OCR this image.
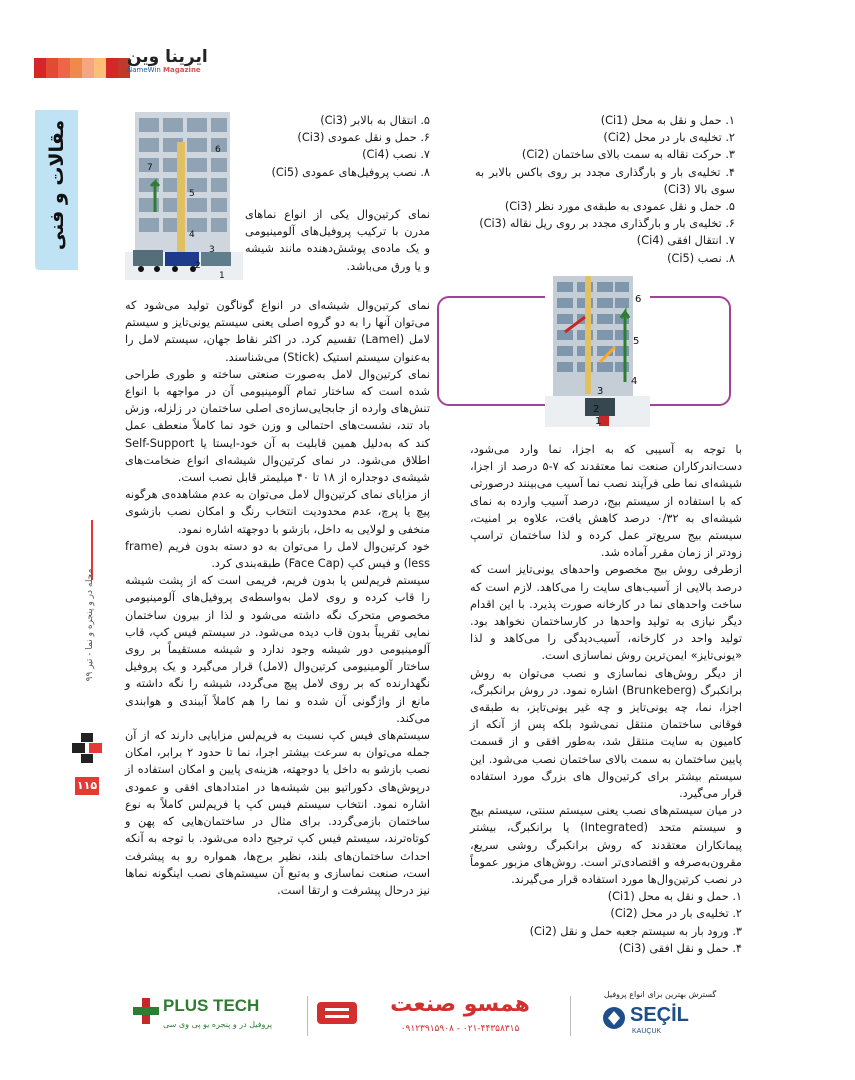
ایرینا وین
NameWin Magazine
مقالات و فنی
مجله در و پنجره و نما - تیر ۹۹
۱۱۵
7
6
5
4
3
2
1

۵. انتقال به بالابر (Ci3)

۶. حمل و نقل عمودی (Ci3)

۷. نصب (Ci4)

۸. نصب پروفیل‌های عمودی (Ci5)

نمای کرتین‌وال یکی از انواع نماهای مدرن با ترکیب پروفیل‌های آلومینیومی و یک ماده‌ی پوشش‌دهنده مانند شیشه و یا ورق می‌باشد.

نمای کرتین‌وال شیشه‌ای در انواع گوناگون تولید می‌شود که می‌توان آنها را به دو گروه اصلی یعنی سیستم یونی‌تایز و سیستم لامل (Lamel) تقسیم کرد. در اکثر نقاط جهان، سیستم لامل را به‌عنوان سیستم استیک (Stick) می‌شناسند.

نمای کرتین‌وال لامل به‌صورت صنعتی ساخته و طوری طراحی شده است که ساختار تمام آلومینیومی آن در مواجهه با انواع تنش‌های وارده از جابجایی‌سازه‌ی اصلی ساختمان در زلزله، وزش باد تند، نشست‌های احتمالی و وزن خود نما کاملاً منعطف عمل کند که به‌دلیل همین قابلیت به آن خود-ایستا یا Self-Support اطلاق می‌شود. در نمای کرتین‌وال شیشه‌ای انواع ضخامت‌های شیشه‌ی دوجداره از ۱۸ تا ۴۰ میلیمتر قابل نصب است.

از مزایای نمای کرتین‌وال لامل می‌توان به عدم مشاهده‌ی هرگونه پیچ یا پرچ، عدم محدودیت انتخاب رنگ و امکان نصب بازشوی منخفی و لولایی به داخل، بازشو با دوجهته اشاره نمود.

خود کرتین‌وال لامل را می‌توان به دو دسته بدون فریم (frame less) و فیس کپ (Face Cap) طبقه‌بندی کرد.

سیستم فریم‌لس یا بدون فریم، فریمی است که از پشت شیشه را قاب کرده و روی لامل به‌واسطه‌ی پروفیل‌های آلومینیومی مخصوص متحرک نگه داشته می‌شود و لذا از بیرون ساختمان نمایی تقریباً بدون قاب دیده می‌شود. در سیستم فیس کپ، قاب آلومینیومی دور شیشه وجود ندارد و شیشه مستقیماً بر روی ساختار آلومینیومی کرتین‌وال (لامل) قرار می‌گیرد و یک پروفیل نگهدارنده که بر روی لامل پیچ می‌گردد، شیشه را نگه داشته و مانع از واژگونی آن شده و نما را هم کاملاً آببندی و هوابندی می‌کند.

سیستم‌های فیس کپ نسبت به فریم‌لس مزایایی دارند که از آن جمله می‌توان به سرعت بیشتر اجرا، نما تا حدود ۲ برابر، امکان نصب بازشو به داخل یا دوجهته، هزینه‌ی پایین و امکان استفاده از درپوش‌های دکوراتیو بین شیشه‌ها در امتدادهای افقی و عمودی اشاره نمود. انتخاب سیستم فیس کپ یا فریم‌لس کاملاً به نوع ساختمان بازمی‌گردد. برای مثال در ساختمان‌هایی که پهن و کوتاه‌ترند، سیستم فیس کپ ترجیح داده می‌شود. با توجه به آنکه احداث ساختمان‌های بلند، نظیر برج‌ها، همواره رو به پیشرفت است، صنعت نماسازی و به‌تبع آن سیستم‌های نصب اینگونه نماها نیز درحال پیشرفت و ارتقا است.

۱. حمل و نقل به محل (Ci1)

۲. تخلیه‌ی بار در محل (Ci2)

۳. حرکت نقاله به سمت بالای ساختمان (Ci2)

۴. تخلیه‌ی بار و بارگذاری مجدد بر روی باکس بالابر به سوی بالا (Ci3)

۵. حمل و نقل عمودی به طبقه‌ی مورد نظر (Ci3)

۶. تخلیه‌ی بار و بارگذاری مجدد بر روی ریل نقاله (Ci3)

۷. انتقال افقی (Ci4)

۸. نصب (Ci5)

6
5
4
3
2
1

با توجه به آسیبی که به اجزا، نما وارد می‌شود، دست‌اندرکاران صنعت نما معتقدند که ۷-۵ درصد از اجزا، شیشه‌ای نما طی فرآیند نصب نما آسیب می‌بینند درصورتی که با استفاده از سیستم بیج، درصد آسیب وارده به نمای شیشه‌ای به ۰/۳۲ درصد کاهش یافت، علاوه بر امنیت، سیستم بیج سریع‌تر عمل کرده و لذا ساختمان تراسپ زودتر از زمان مقرر آماده شد.

ازطرفی روش بیج مخصوص واحدهای یونی‌تایز است که درصد بالایی از آسیب‌های سایت را می‌کاهد. لازم است که ساخت واحدهای نما در کارخانه صورت پذیرد. با این اقدام دیگر نیازی به تولید واحدها در کارساختمان نخواهد بود. تولید واحد در کارخانه، آسیب‌دیدگی را می‌کاهد و لذا «یونی‌تایز» ایمن‌ترین روش نماسازی است.

از دیگر روش‌های نماسازی و نصب می‌توان به روش برانکبرگ (Brunkeberg) اشاره نمود. در روش برانکبرگ، اجزا، نما، چه یونی‌تایز و چه غیر یونی‌تایز، به طبقه‌ی فوقانی ساختمان منتقل نمی‌شود بلکه پس از آنکه از کامیون به سایت منتقل شد، به‌طور افقی و از قسمت پایین ساختمان به سمت بالای ساختمان نصب می‌شود. این سیستم بیشتر برای کرتین‌وال های بزرگ مورد استفاده قرار می‌گیرد.

در میان سیستم‌های نصب یعنی سیستم سنتی، سیستم بیج و سیستم متحد (Integrated) یا برانکبرگ، بیشتر پیمانکاران معتقدند که روش برانکبرگ روشی سریع، مقرون‌به‌صرفه و اقتصادی‌تر است. روش‌های مزبور عموماً در نصب کرتین‌وال‌ها مورد استفاده قرار می‌گیرند.

۱. حمل و نقل به محل (Ci1)

۲. تخلیه‌ی بار در محل (Ci2)

۳. ورود بار به سیستم جعبه حمل و نقل (Ci2)

۴. حمل و نقل افقی (Ci3)

PLUS TECH
پروفیل در و پنجره یو پی وی سی
همسو صنعت
۰۲۱-۴۴۳۵۸۳۱۵ - ۰۹۱۲۳۹۱۵۹۰۸
گسترش بهترین برای انواع پروفیل
SEÇİL
KAUÇUK
